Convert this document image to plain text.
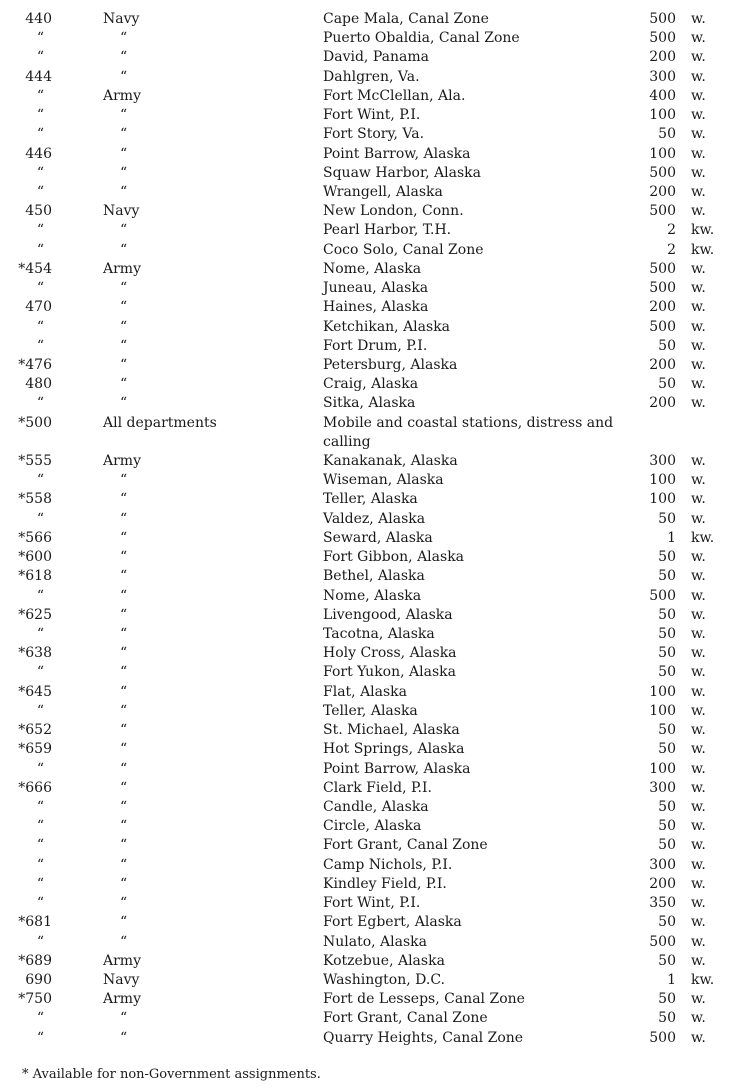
440	Navy	Cape Mala, Canal Zone	500 w.
“	“	Puerto Obaldia, Canal Zone	500 w.
“	“	David, Panama	200 w.
444	“	Dahlgren, Va.	300 w.
“	Army	Fort McClellan, Ala.	400 w.
“	“	Fort Wint, P.I.	100 w.
“	“	Fort Story, Va.	50 w.
446	“	Point Barrow, Alaska	100 w.
“	“	Squaw Harbor, Alaska	500 w.
“	“	Wrangell, Alaska	200 w.
450	Navy	New London, Conn.	500 w.
“	“	Pearl Harbor, T.H.	2 kw.
“	“	Coco Solo, Canal Zone	2 kw.
*454	Army	Nome, Alaska	500 w.
“	“	Juneau, Alaska	500 w.
470	“	Haines, Alaska	200 w.
“	“	Ketchikan, Alaska	500 w.
“	“	Fort Drum, P.I.	50 w.
*476	“	Petersburg, Alaska	200 w.
480	“	Craig, Alaska	50 w.
“	“	Sitka, Alaska	200 w.
*500	All departments	Mobile and coastal stations, distress and calling
*555	Army	Kanakanak, Alaska	300 w.
“	“	Wiseman, Alaska	100 w.
*558	“	Teller, Alaska	100 w.
“	“	Valdez, Alaska	50 w.
*566	“	Seward, Alaska	1 kw.
*600	“	Fort Gibbon, Alaska	50 w.
*618	“	Bethel, Alaska	50 w.
“	“	Nome, Alaska	500 w.
*625	“	Livengood, Alaska	50 w.
“	“	Tacotna, Alaska	50 w.
*638	“	Holy Cross, Alaska	50 w.
“	“	Fort Yukon, Alaska	50 w.
*645	“	Flat, Alaska	100 w.
“	“	Teller, Alaska	100 w.
*652	“	St. Michael, Alaska	50 w.
*659	“	Hot Springs, Alaska	50 w.
“	“	Point Barrow, Alaska	100 w.
*666	“	Clark Field, P.I.	300 w.
“	“	Candle, Alaska	50 w.
“	“	Circle, Alaska	50 w.
“	“	Fort Grant, Canal Zone	50 w.
“	“	Camp Nichols, P.I.	300 w.
“	“	Kindley Field, P.I.	200 w.
“	“	Fort Wint, P.I.	350 w.
*681	“	Fort Egbert, Alaska	50 w.
“	“	Nulato, Alaska	500 w.
*689	Army	Kotzebue, Alaska	50 w.
690	Navy	Washington, D.C.	1 kw.
*750	Army	Fort de Lesseps, Canal Zone	50 w.
“	“	Fort Grant, Canal Zone	50 w.
“	“	Quarry Heights, Canal Zone	500 w.
* Available for non-Government assignments.
